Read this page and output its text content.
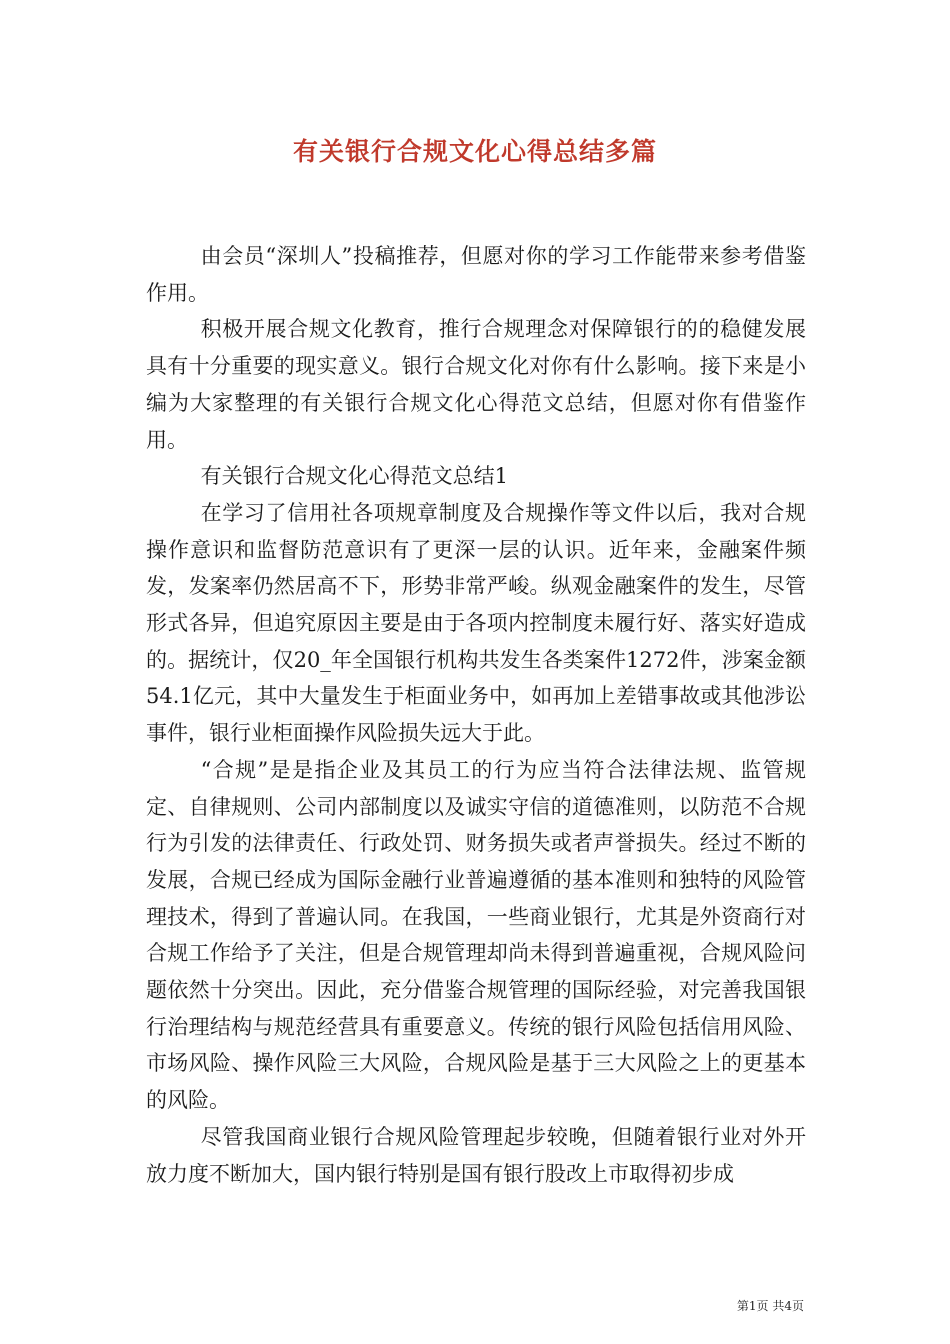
有关银行合规文化心得总结多篇

由会员“深圳人”投稿推荐，但愿对你的学习工作能带来参考借鉴作用。

积极开展合规文化教育，推行合规理念对保障银行的的稳健发展具有十分重要的现实意义。银行合规文化对你有什么影响。接下来是小编为大家整理的有关银行合规文化心得范文总结，但愿对你有借鉴作用。

有关银行合规文化心得范文总结1

在学习了信用社各项规章制度及合规操作等文件以后，我对合规操作意识和监督防范意识有了更深一层的认识。近年来，金融案件频发，发案率仍然居高不下，形势非常严峻。纵观金融案件的发生，尽管形式各异，但追究原因主要是由于各项内控制度未履行好、落实好造成的。据统计，仅20_年全国银行机构共发生各类案件1272件，涉案金额54.1亿元，其中大量发生于柜面业务中，如再加上差错事故或其他涉讼事件，银行业柜面操作风险损失远大于此。

“合规”是是指企业及其员工的行为应当符合法律法规、监管规定、自律规则、公司内部制度以及诚实守信的道德准则，以防范不合规行为引发的法律责任、行政处罚、财务损失或者声誉损失。经过不断的发展，合规已经成为国际金融行业普遍遵循的基本准则和独特的风险管理技术，得到了普遍认同。在我国，一些商业银行，尤其是外资商行对合规工作给予了关注，但是合规管理却尚未得到普遍重视，合规风险问题依然十分突出。因此，充分借鉴合规管理的国际经验，对完善我国银行治理结构与规范经营具有重要意义。传统的银行风险包括信用风险、市场风险、操作风险三大风险，合规风险是基于三大风险之上的更基本的风险。

尽管我国商业银行合规风险管理起步较晚，但随着银行业对外开放力度不断加大，国内银行特别是国有银行股改上市取得初步成

第1页 共4页
